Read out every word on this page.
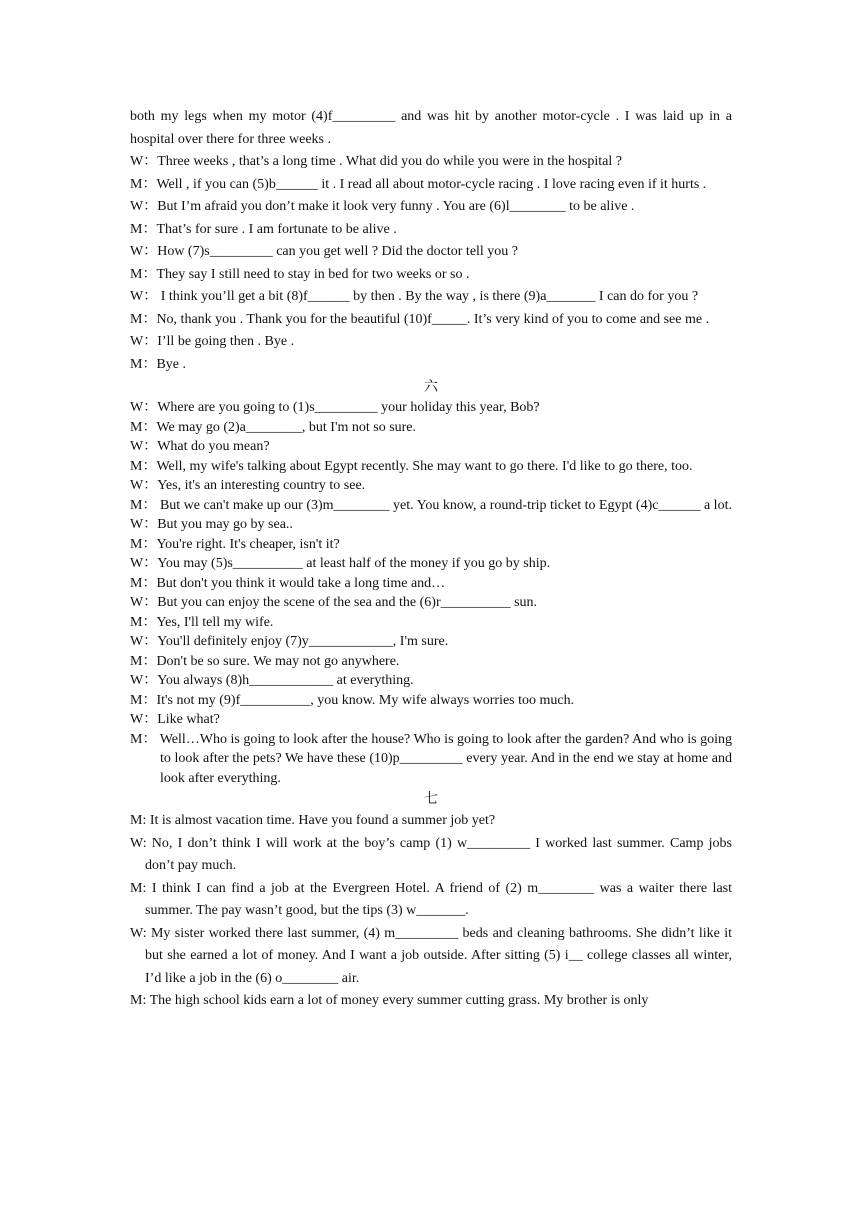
both my legs when my motor (4)f_________ and was hit by another motor-cycle . I was laid up in a hospital over there for three weeks .
W：Three weeks , that’s a long time . What did you do while you were in the hospital ?
M：Well , if you can (5)b______ it . I read all about motor-cycle racing . I love racing even if it hurts .
W：But I’m afraid you don’t make it look very funny . You are (6)l________ to be alive .
M：That’s for sure . I am fortunate to be alive .
W：How (7)s_________ can you get well ? Did the doctor tell you ?
M：They say I still need to stay in bed for two weeks or so .
W： I think you’ll get a bit (8)f______ by then . By the way , is there (9)a_______ I can do for you ?
M：No, thank you . Thank you for the beautiful (10)f_____. It’s very kind of you to come and see me .
W：I’ll be going then . Bye .
M：Bye .
六
W：Where are you going to (1)s_________ your holiday this year, Bob?
M：We may go (2)a________, but I'm not so sure.
W：What do you mean?
M：Well, my wife's talking about Egypt recently. She may want to go there. I'd like to go there, too.
W：Yes, it's an interesting country to see.
M： But we can't make up our (3)m________ yet. You know, a round-trip ticket to Egypt (4)c______ a lot.
W：But you may go by sea..
M：You're right. It's cheaper, isn't it?
W：You may (5)s__________ at least half of the money if you go by ship.
M：But don't you think it would take a long time and…
W：But you can enjoy the scene of the sea and the (6)r__________ sun.
M：Yes, I'll tell my wife.
W：You'll definitely enjoy (7)y____________, I'm sure.
M：Don't be so sure. We may not go anywhere.
W：You always (8)h____________ at everything.
M：It's not my (9)f__________, you know. My wife always worries too much.
W：Like what?
M： Well…Who is going to look after the house? Who is going to look after the garden? And who is going to look after the pets? We have these (10)p_________ every year. And in the end we stay at home and look after everything.
七
M: It is almost vacation time. Have you found a summer job yet?
W: No, I don’t think I will work at the boy’s camp (1) w_________ I worked last summer. Camp jobs don’t pay much.
M: I think I can find a job at the Evergreen Hotel. A friend of (2) m________ was a waiter there last summer. The pay wasn’t good, but the tips (3) w_______.
W: My sister worked there last summer, (4) m_________ beds and cleaning bathrooms. She didn’t like it but she earned a lot of money. And I want a job outside. After sitting (5) i__ college classes all winter, I’d like a job in the (6) o________ air.
M: The high school kids earn a lot of money every summer cutting grass. My brother is only
